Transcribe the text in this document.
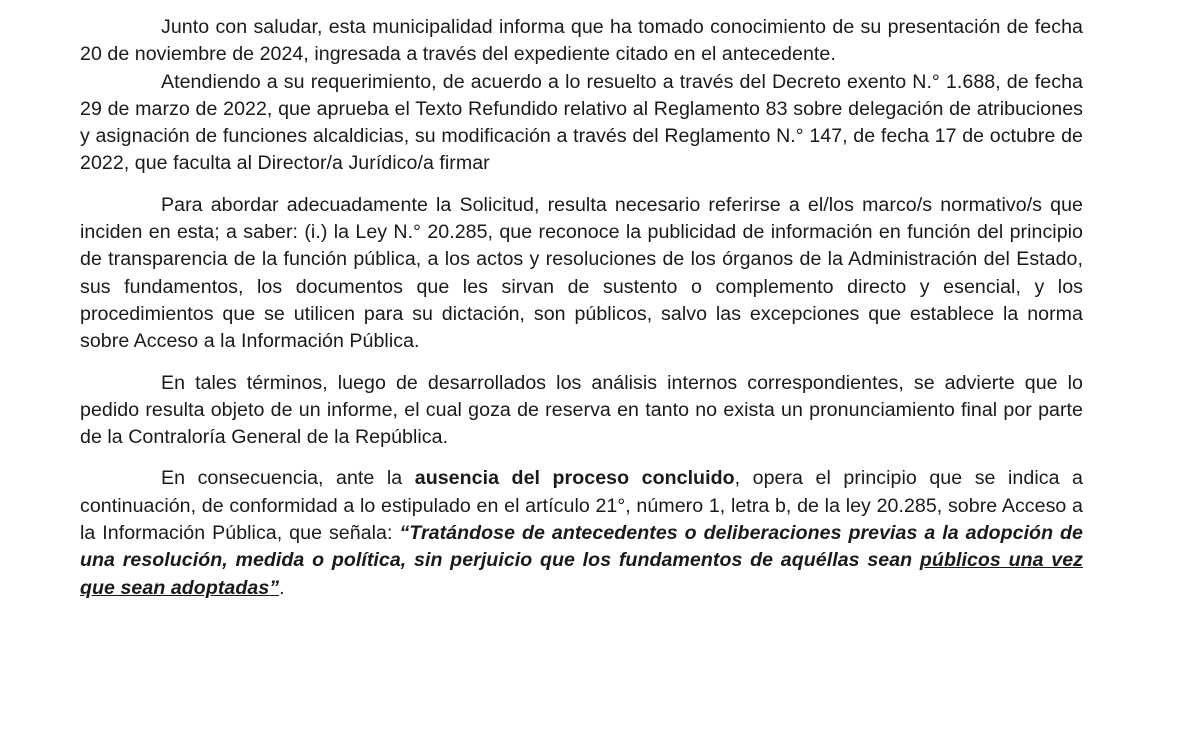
Junto con saludar, esta municipalidad informa que ha tomado conocimiento de su presentación de fecha 20 de noviembre de 2024, ingresada a través del expediente citado en el antecedente.

Atendiendo a su requerimiento, de acuerdo a lo resuelto a través del Decreto exento N.° 1.688, de fecha 29 de marzo de 2022, que aprueba el Texto Refundido relativo al Reglamento 83 sobre delegación de atribuciones y asignación de funciones alcaldicias, su modificación a través del Reglamento N.° 147, de fecha 17 de octubre de 2022, que faculta al Director/a Jurídico/a firmar

Para abordar adecuadamente la Solicitud, resulta necesario referirse a el/los marco/s normativo/s que inciden en esta; a saber: (i.) la Ley N.° 20.285, que reconoce la publicidad de información en función del principio de transparencia de la función pública, a los actos y resoluciones de los órganos de la Administración del Estado, sus fundamentos, los documentos que les sirvan de sustento o complemento directo y esencial, y los procedimientos que se utilicen para su dictación, son públicos, salvo las excepciones que establece la norma sobre Acceso a la Información Pública.

En tales términos, luego de desarrollados los análisis internos correspondientes, se advierte que lo pedido resulta objeto de un informe, el cual goza de reserva en tanto no exista un pronunciamiento final por parte de la Contraloría General de la República.

En consecuencia, ante la ausencia del proceso concluido, opera el principio que se indica a continuación, de conformidad a lo estipulado en el artículo 21°, número 1, letra b, de la ley 20.285, sobre Acceso a la Información Pública, que señala: “Tratándose de antecedentes o deliberaciones previas a la adopción de una resolución, medida o política, sin perjuicio que los fundamentos de aquéllas sean públicos una vez que sean adoptadas”.
